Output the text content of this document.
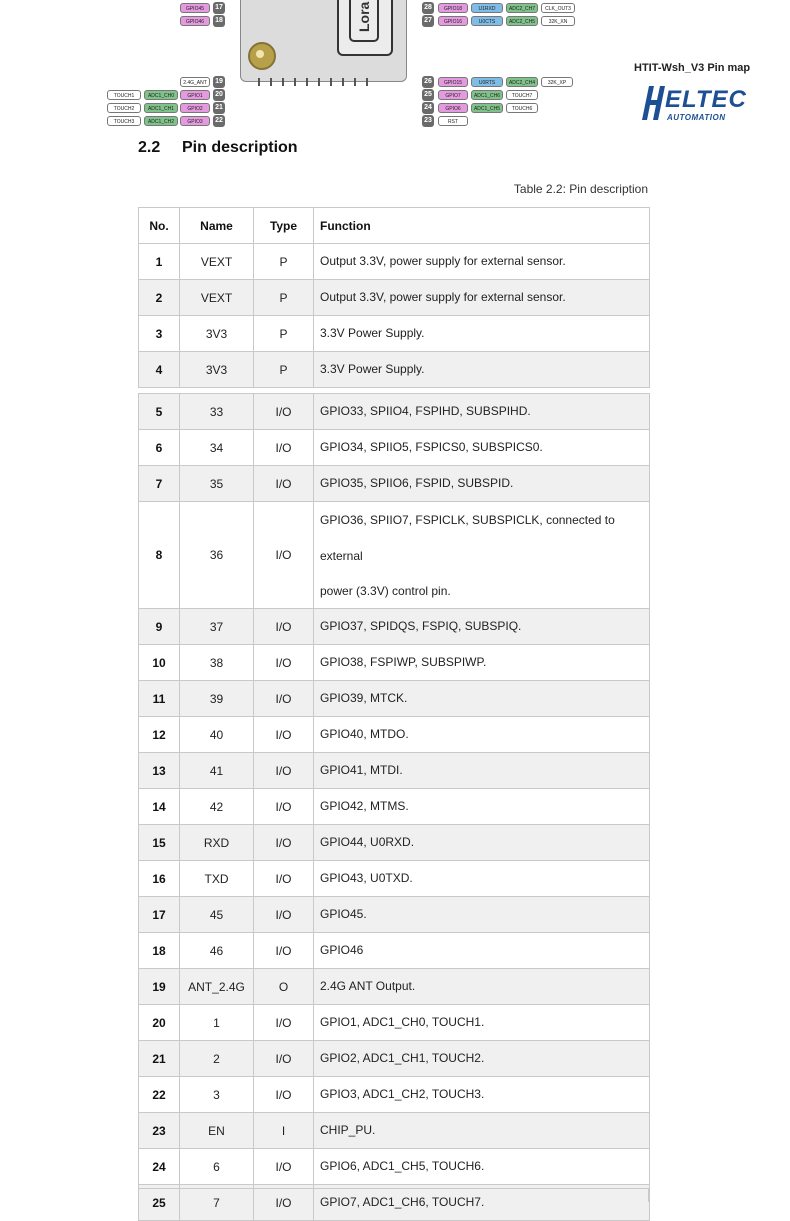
Lora
GPIO45	17
GPIO46	18
2.4G_ANT	19
TOUCH1	ADC1_CH0	GPIO1	20
TOUCH2	ADC1_CH1	GPIO2	21
TOUCH3	ADC1_CH2	GPIO3	22
28	GPIO18	U1RXD	ADC2_CH7	CLK_OUT3
27	GPIO16	U0CTS	ADC2_CH5	32K_XN
26	GPIO15	U0RTS	ADC2_CH4	32K_XP
25	GPIO7	ADC1_CH6	TOUCH7
24	GPIO6	ADC1_CH5	TOUCH6
23	RST
HTIT-Wsh_V3 Pin map
ELTEC
AUTOMATION
2.2 Pin description
Table 2.2: Pin description
No.	Name	Type	Function
1	VEXT	P	Output 3.3V, power supply for external sensor.

2	VEXT	P	Output 3.3V, power supply for external sensor.

3	3V3	P	3.3V Power Supply.

4	3V3	P	3.3V Power Supply.
5	33	I/O	GPIO33, SPIIO4, FSPIHD, SUBSPIHD.

6	34	I/O	GPIO34, SPIIO5, FSPICS0, SUBSPICS0.

7	35	I/O	GPIO35, SPIIO6, FSPID, SUBSPID.

8	36	I/O	GPIO36, SPIIO7, FSPICLK, SUBSPICLK, connected to external
power (3.3V) control pin.

9	37	I/O	GPIO37, SPIDQS, FSPIQ, SUBSPIQ.

10	38	I/O	GPIO38, FSPIWP, SUBSPIWP.

11	39	I/O	GPIO39, MTCK.

12	40	I/O	GPIO40, MTDO.

13	41	I/O	GPIO41, MTDI.

14	42	I/O	GPIO42, MTMS.

15	RXD	I/O	GPIO44, U0RXD.

16	TXD	I/O	GPIO43, U0TXD.

17	45	I/O	GPIO45.

18	46	I/O	GPIO46

19	ANT_2.4G	O	2.4G ANT Output.

20	1	I/O	GPIO1, ADC1_CH0, TOUCH1.

21	2	I/O	GPIO2, ADC1_CH1, TOUCH2.

22	3	I/O	GPIO3, ADC1_CH2, TOUCH3.

23	EN	I	CHIP_PU.

24	6	I/O	GPIO6, ADC1_CH5, TOUCH6.

25	7	I/O	GPIO7, ADC1_CH6, TOUCH7.
